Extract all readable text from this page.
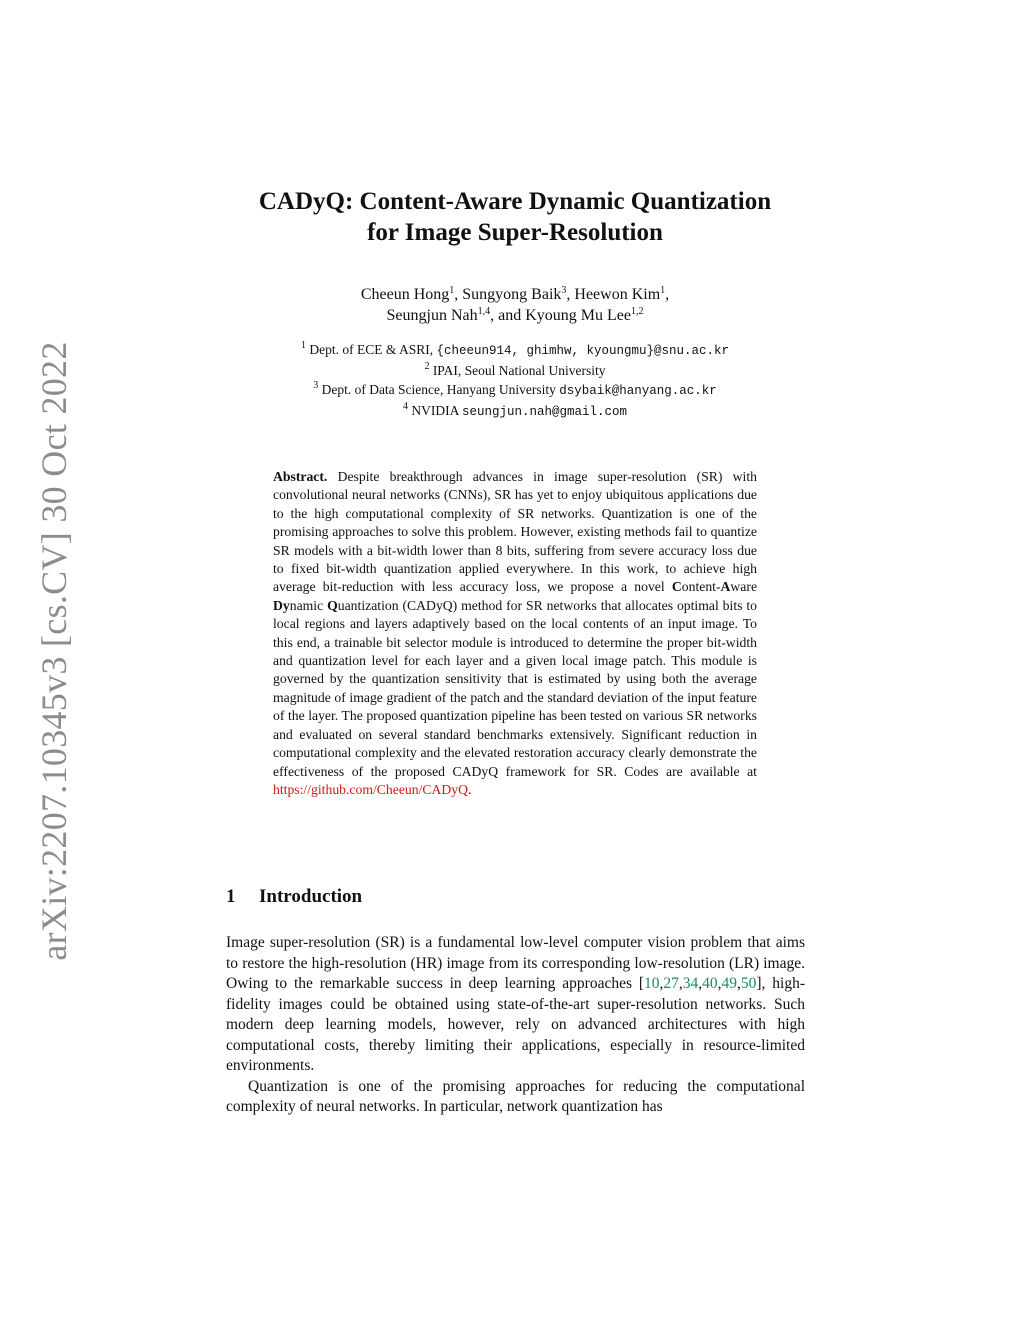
arXiv:2207.10345v3 [cs.CV] 30 Oct 2022
CADyQ: Content-Aware Dynamic Quantization
for Image Super-Resolution
Cheeun Hong$^1$, Sungyong Baik$^3$, Heewon Kim$^1$,
Seungjun Nah$^{1,4}$, and Kyoung Mu Lee$^{1,2}$
$^1$ Dept. of ECE & ASRI, {cheeun914, ghimhw, kyoungmu}@snu.ac.kr
$^2$ IPAI, Seoul National University
$^3$ Dept. of Data Science, Hanyang University dsybaik@hanyang.ac.kr
$^4$ NVIDIA seungjun.nah@gmail.com
Abstract. Despite breakthrough advances in image super-resolution (SR) with convolutional neural networks (CNNs), SR has yet to enjoy ubiquitous applications due to the high computational complexity of SR networks. Quantization is one of the promising approaches to solve this problem. However, existing methods fail to quantize SR models with a bit-width lower than 8 bits, suffering from severe accuracy loss due to fixed bit-width quantization applied everywhere. In this work, to achieve high average bit-reduction with less accuracy loss, we propose a novel Content-Aware Dynamic Quantization (CADyQ) method for SR networks that allocates optimal bits to local regions and layers adaptively based on the local contents of an input image. To this end, a trainable bit selector module is introduced to determine the proper bit-width and quantization level for each layer and a given local image patch. This module is governed by the quantization sensitivity that is estimated by using both the average magnitude of image gradient of the patch and the standard deviation of the input feature of the layer. The proposed quantization pipeline has been tested on various SR networks and evaluated on several standard benchmarks extensively. Significant reduction in computational complexity and the elevated restoration accuracy clearly demonstrate the effectiveness of the proposed CADyQ framework for SR. Codes are available at https://github.com/Cheeun/CADyQ.
1 Introduction

Image super-resolution (SR) is a fundamental low-level computer vision problem that aims to restore the high-resolution (HR) image from its corresponding low-resolution (LR) image. Owing to the remarkable success in deep learning approaches [10,27,34,40,49,50], high-fidelity images could be obtained using state-of-the-art super-resolution networks. Such modern deep learning models, however, rely on advanced architectures with high computational costs, thereby limiting their applications, especially in resource-limited environments.

Quantization is one of the promising approaches for reducing the computational complexity of neural networks. In particular, network quantization has
